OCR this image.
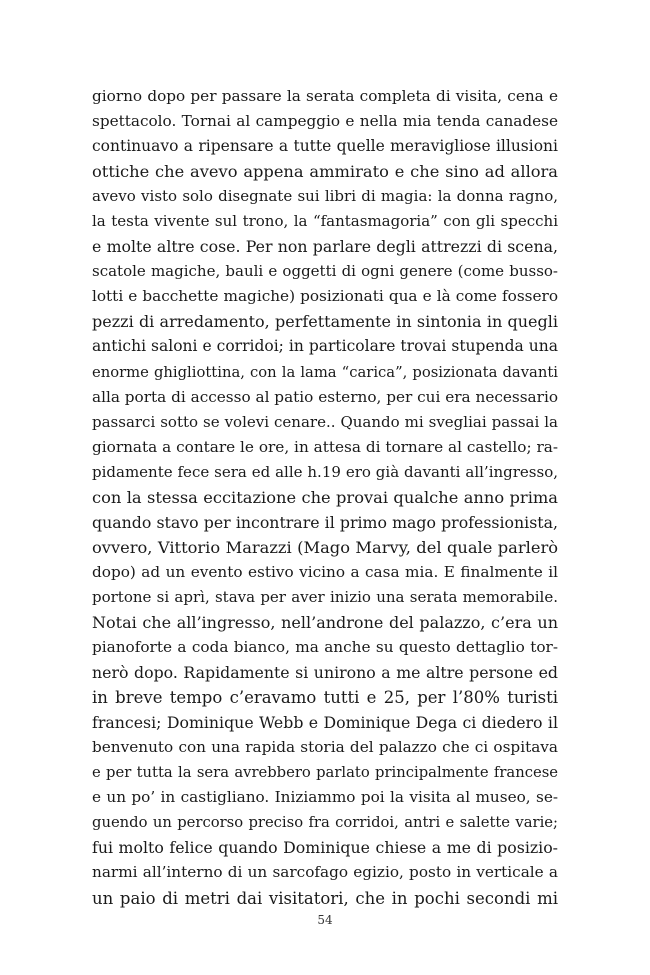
giorno dopo per passare la serata completa di visita, cena e
spettacolo. Tornai al campeggio e nella mia tenda canadese
continuavo a ripensare a tutte quelle meravigliose illusioni
ottiche che avevo appena ammirato e che sino ad allora
avevo visto solo disegnate sui libri di magia: la donna ragno,
la testa vivente sul trono, la “fantasmagoria” con gli specchi
e molte altre cose. Per non parlare degli attrezzi di scena,
scatole magiche, bauli e oggetti di ogni genere (come busso-
lotti e bacchette magiche) posizionati qua e là come fossero
pezzi di arredamento, perfettamente in sintonia in quegli
antichi saloni e corridoi; in particolare trovai stupenda una
enorme ghigliottina, con la lama “carica”, posizionata davanti
alla porta di accesso al patio esterno, per cui era necessario
passarci sotto se volevi cenare.. Quando mi svegliai passai la
giornata a contare le ore, in attesa di tornare al castello; ra-
pidamente fece sera ed alle h.19 ero già davanti all’ingresso,
con la stessa eccitazione che provai qualche anno prima
quando stavo per incontrare il primo mago professionista,
ovvero, Vittorio Marazzi (Mago Marvy, del quale parlerò
dopo) ad un evento estivo vicino a casa mia. E finalmente il
portone si aprì, stava per aver inizio una serata memorabile.
Notai che all’ingresso, nell’androne del palazzo, c’era un
pianoforte a coda bianco, ma anche su questo dettaglio tor-
nerò dopo. Rapidamente si unirono a me altre persone ed
in breve tempo c’eravamo tutti e 25, per l’80% turisti
francesi; Dominique Webb e Dominique Dega ci diedero il
benvenuto con una rapida storia del palazzo che ci ospitava
e per tutta la sera avrebbero parlato principalmente francese
e un po’ in castigliano. Iniziammo poi la visita al museo, se-
guendo un percorso preciso fra corridoi, antri e salette varie;
fui molto felice quando Dominique chiese a me di posizio-
narmi all’interno di un sarcofago egizio, posto in verticale a
un paio di metri dai visitatori, che in pochi secondi mi
54
